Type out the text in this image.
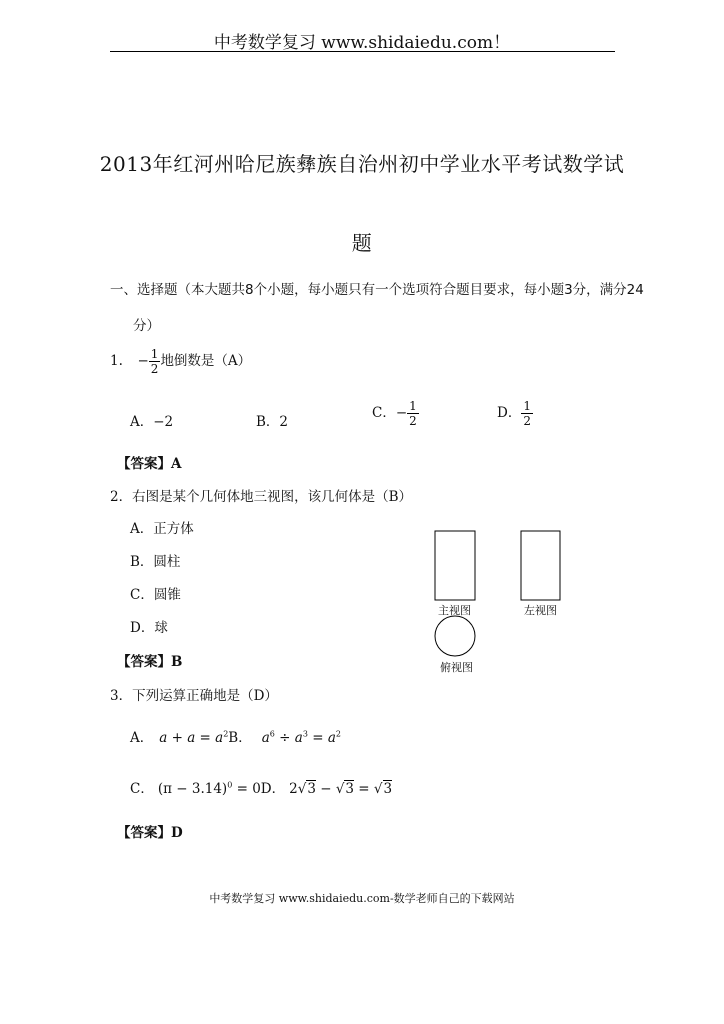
中考数学复习 www.shidaiedu.com！
2013年红河州哈尼族彝族自治州初中学业水平考试数学试
题
一、选择题（本大题共8个小题，每小题只有一个选项符合题目要求，每小题3分，满分24
分）
1. − $\frac{1}{2}$ 地倒数是（A）
A．−2	B．2
C．− $\frac{1}{2}$	D． $\frac{1}{2}$
【答案】A
2．右图是某个几何体地三视图，该几何体是（B）
A．正方体
B．圆柱
C．圆锥
D．球
【答案】B
主视图	左视图
俯视图
3．下列运算正确地是（D）
A． $a + a = a^2B$． $a^6 \div a^3 = a^2$
C． $(\pi - 3.14)^0 = 0D$． 2√3 − √3 = √3
【答案】D
中考数学复习 www.shidaiedu.com-数学老师自己的下载网站
